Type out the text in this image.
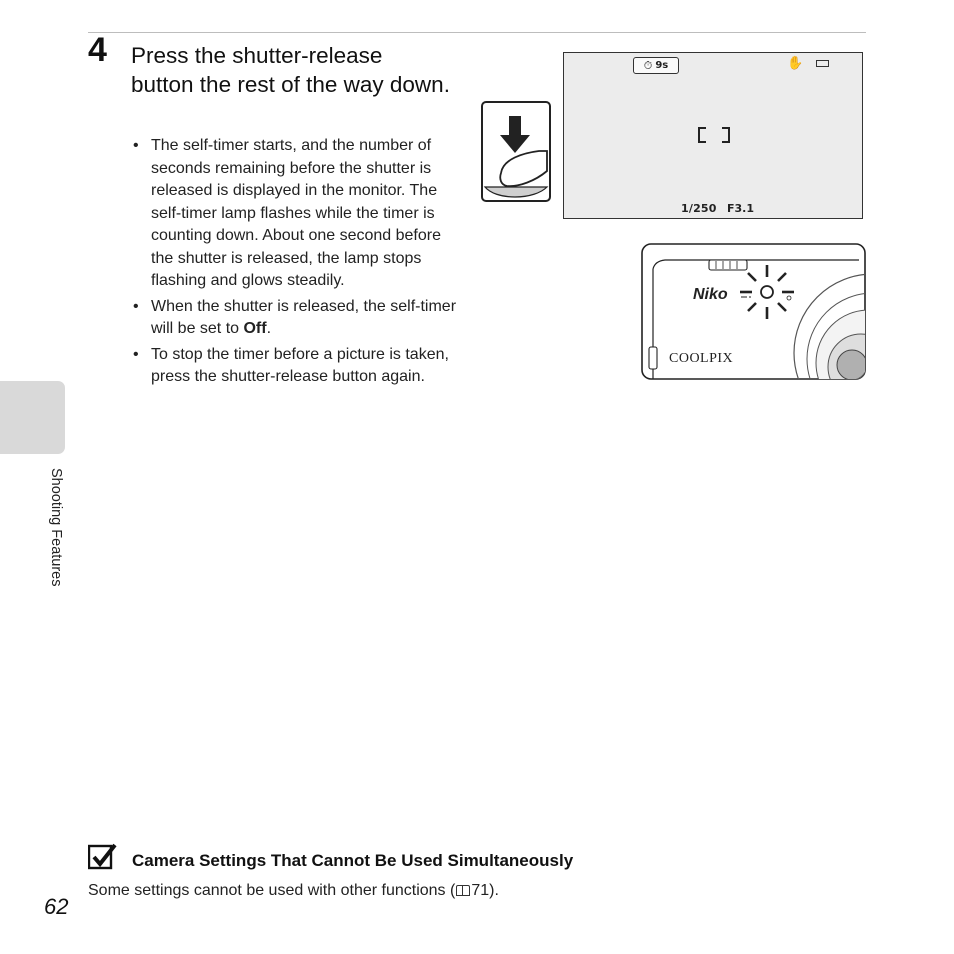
4 Press the shutter-release button the rest of the way down.
• The self-timer starts, and the number of seconds remaining before the shutter is released is displayed in the monitor. The self-timer lamp flashes while the timer is counting down. About one second before the shutter is released, the lamp stops flashing and glows steadily.
• When the shutter is released, the self-timer will be set to Off.
• To stop the timer before a picture is taken, press the shutter-release button again.
⏱ 9s	✋
1/250 F3.1
Niko
COOLPIX
Shooting Features
Camera Settings That Cannot Be Used Simultaneously
Some settings cannot be used with other functions ( 71).
62
